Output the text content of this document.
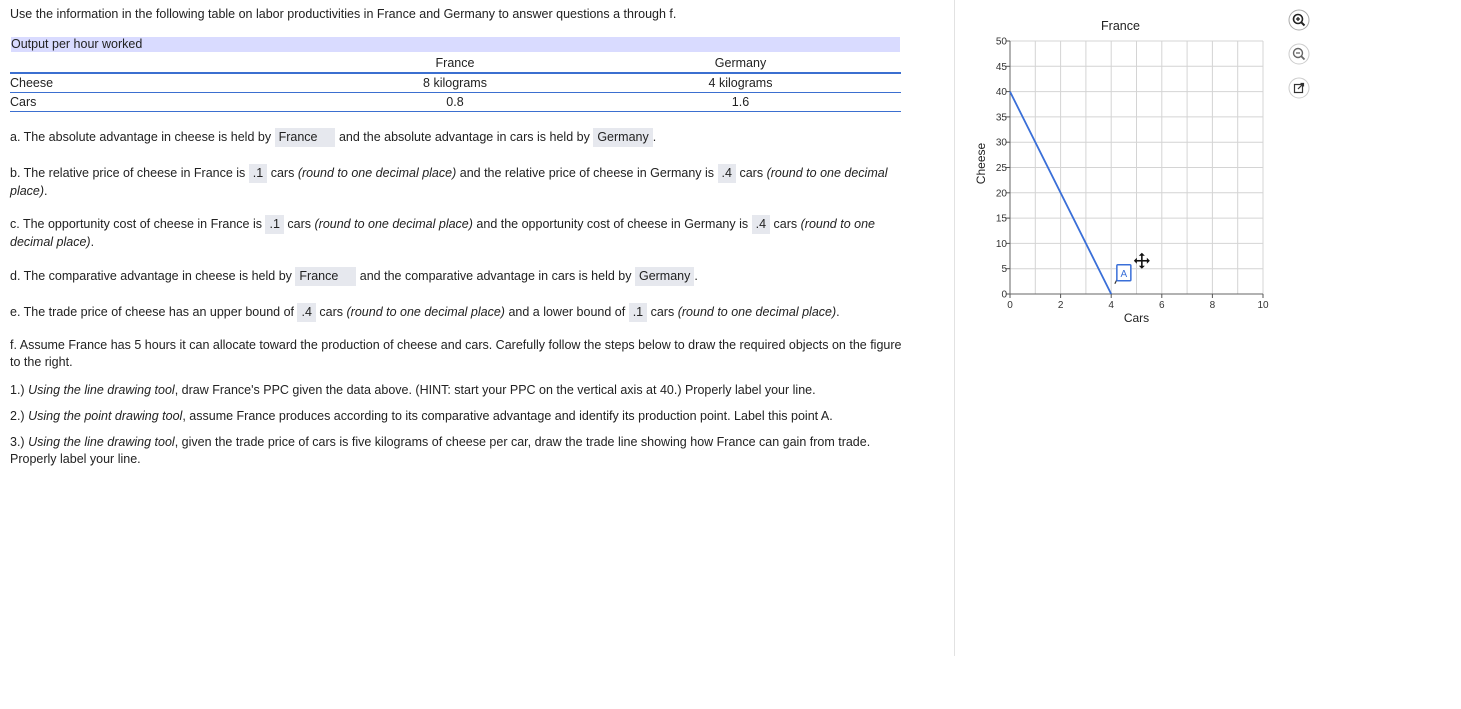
Use the information in the following table on labor productivities in France and Germany to answer questions a through f.
Output per hour worked
	France	Germany
Cheese	8 kilograms	4 kilograms
Cars	0.8	1.6
a. The absolute advantage in cheese is held by France and the absolute advantage in cars is held by Germany .
b. The relative price of cheese in France is .1 cars (round to one decimal place) and the relative price of cheese in Germany is .4 cars (round to one decimal
place).
c. The opportunity cost of cheese in France is .1 cars (round to one decimal place) and the opportunity cost of cheese in Germany is .4 cars (round to one
decimal place).
d. The comparative advantage in cheese is held by France and the comparative advantage in cars is held by Germany .
e. The trade price of cheese has an upper bound of .4 cars (round to one decimal place) and a lower bound of .1 cars (round to one decimal place).
f. Assume France has 5 hours it can allocate toward the production of cheese and cars. Carefully follow the steps below to draw the required objects on the figure
to the right.
1.) Using the line drawing tool, draw France's PPC given the data above. (HINT: start your PPC on the vertical axis at 40.) Properly label your line.
2.) Using the point drawing tool, assume France produces according to its comparative advantage and identify its production point. Label this point A.
3.) Using the line drawing tool, given the trade price of cars is five kilograms of cheese per car, draw the trade line showing how France can gain from trade.
Properly label your line.
0
5
10
15
20
25
30
35
40
45
50
0	2	4	6	8	10
France
Cars
Cheese
A
